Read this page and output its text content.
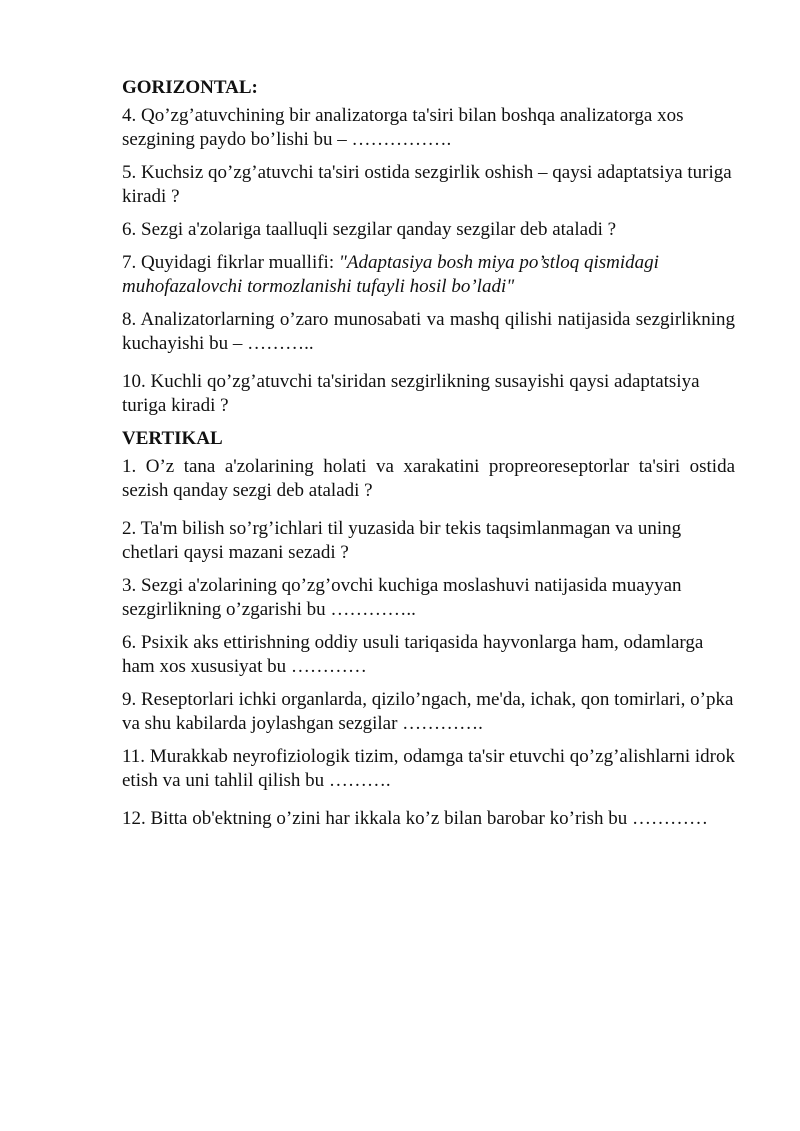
GORIZONTAL:
4. Qo’zg’atuvchining bir analizatorga ta'siri bilan boshqa analizatorga xos sezgining paydo bo’lishi bu – …………….
5. Kuchsiz qo’zg’atuvchi ta'siri ostida sezgirlik oshish – qaysi adaptatsiya turiga kiradi ?
6. Sezgi a'zolariga taalluqli sezgilar qanday sezgilar deb ataladi ?
7. Quyidagi fikrlar muallifi: "Adaptasiya bosh miya po’stloq qismidagi muhofazalovchi tormozlanishi tufayli hosil bo’ladi"
8. Analizatorlarning o’zaro munosabati va mashq qilishi natijasida sezgirlikning kuchayishi bu – ………..
10. Kuchli qo’zg’atuvchi ta'siridan sezgirlikning susayishi qaysi adaptatsiya turiga kiradi ?
VERTIKAL
1. O’z tana a'zolarining holati va xarakatini propreoreseptorlar ta'siri ostida sezish qanday sezgi deb ataladi ?
2. Ta'm bilish so’rg’ichlari til yuzasida bir tekis taqsimlanmagan va uning chetlari qaysi mazani sezadi ?
3. Sezgi a'zolarining qo’zg’ovchi kuchiga moslashuvi natijasida muayyan sezgirlikning o’zgarishi bu …………..
6. Psixik aks ettirishning oddiy usuli tariqasida hayvonlarga ham, odamlarga ham xos xususiyat bu …………
9. Reseptorlari ichki organlarda, qizilo’ngach, me'da, ichak, qon tomirlari, o’pka va shu kabilarda joylashgan sezgilar ………….
11. Murakkab neyrofiziologik tizim, odamga ta'sir etuvchi qo’zg’alishlarni idrok etish va uni tahlil qilish bu ……….
12. Bitta ob'ektning o’zini har ikkala ko’z bilan barobar ko’rish bu …………
